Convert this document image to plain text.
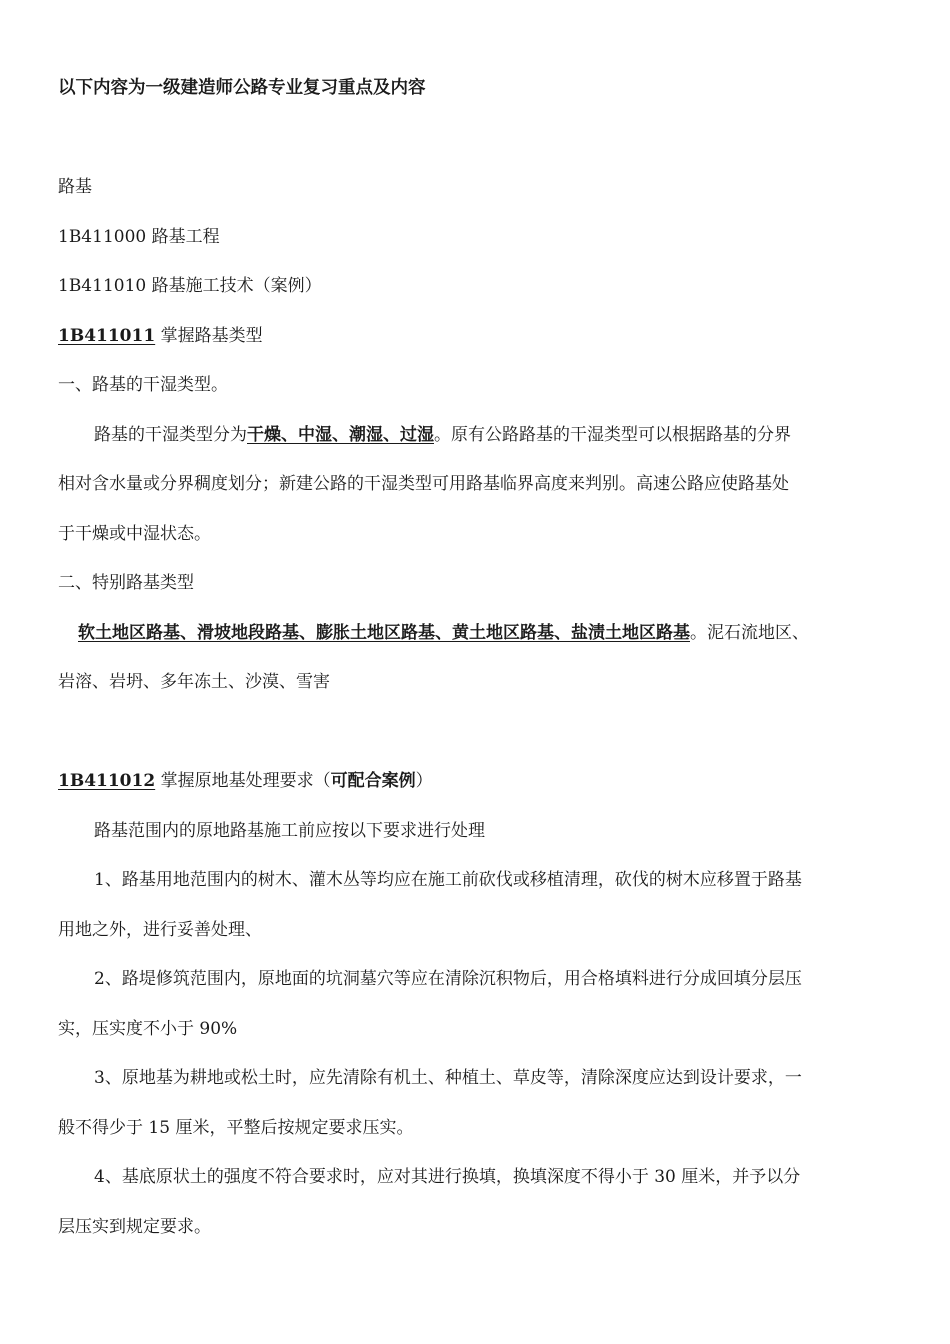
以下内容为一级建造师公路专业复习重点及内容
路基
1B411000 路基工程
1B411010 路基施工技术（案例）
1B411011 掌握路基类型
一、路基的干湿类型。
路基的干湿类型分为干燥、中湿、潮湿、过湿。原有公路路基的干湿类型可以根据路基的分界
相对含水量或分界稠度划分；新建公路的干湿类型可用路基临界高度来判别。高速公路应使路基处
于干燥或中湿状态。
二、特别路基类型
软土地区路基、滑坡地段路基、膨胀土地区路基、黄土地区路基、盐渍土地区路基。泥石流地区、
岩溶、岩坍、多年冻土、沙漠、雪害
1B411012 掌握原地基处理要求（可配合案例）
路基范围内的原地路基施工前应按以下要求进行处理
1、路基用地范围内的树木、灌木丛等均应在施工前砍伐或移植清理，砍伐的树木应移置于路基
用地之外，进行妥善处理、
2、路堤修筑范围内，原地面的坑洞墓穴等应在清除沉积物后，用合格填料进行分成回填分层压
实，压实度不小于 90%
3、原地基为耕地或松土时，应先清除有机土、种植土、草皮等，清除深度应达到设计要求，一
般不得少于 15 厘米，平整后按规定要求压实。
4、基底原状土的强度不符合要求时，应对其进行换填，换填深度不得小于 30 厘米，并予以分
层压实到规定要求。
